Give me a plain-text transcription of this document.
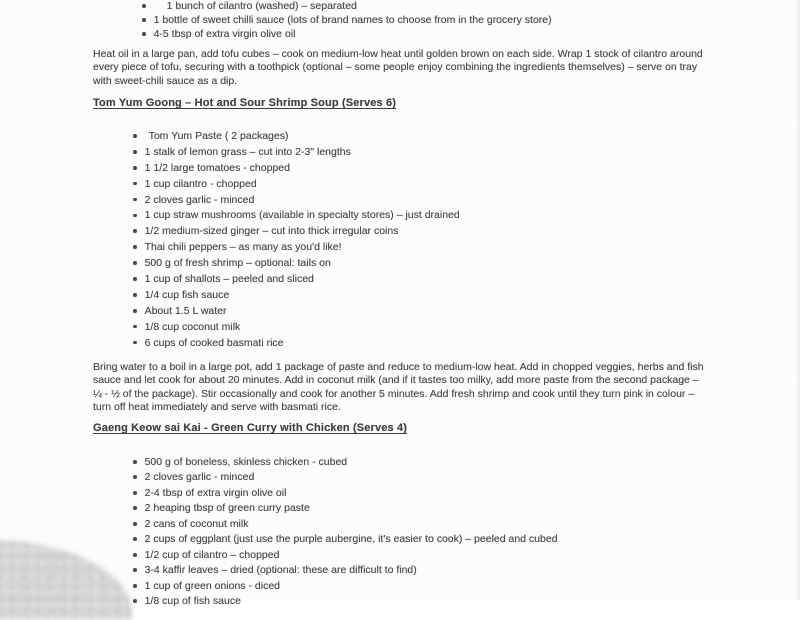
1 bunch of cilantro (washed) – separated
1 bottle of sweet chilli sauce (lots of brand names to choose from in the grocery store)
4-5 tbsp of extra virgin olive oil
Heat oil in a large pan, add tofu cubes – cook on medium-low heat until golden brown on each side. Wrap 1 stock of cilantro around
every piece of tofu, securing with a toothpick (optional – some people enjoy combining the ingredients themselves) – serve on tray
with sweet-chili sauce as a dip.
Tom Yum Goong – Hot and Sour Shrimp Soup (Serves 6)
Tom Yum Paste ( 2 packages)
1 stalk of lemon grass – cut into 2-3" lengths
1 1/2 large tomatoes - chopped
1 cup cilantro - chopped
2 cloves garlic - minced
1 cup straw mushrooms (available in specialty stores) – just drained
1/2 medium-sized ginger – cut into thick irregular coins
Thai chili peppers – as many as you'd like!
500 g of fresh shrimp – optional: tails on
1 cup of shallots – peeled and sliced
1/4 cup fish sauce
About 1.5 L water
1/8 cup coconut milk
6 cups of cooked basmati rice
Bring water to a boil in a large pot, add 1 package of paste and reduce to medium-low heat. Add in chopped veggies, herbs and fish
sauce and let cook for about 20 minutes. Add in coconut milk (and if it tastes too milky, add more paste from the second package –
¼ - ½ of the package). Stir occasionally and cook for another 5 minutes. Add fresh shrimp and cook until they turn pink in colour –
turn off heat immediately and serve with basmati rice.
Gaeng Keow sai Kai - Green Curry with Chicken (Serves 4)
500 g of boneless, skinless chicken - cubed
2 cloves garlic - minced
2-4 tbsp of extra virgin olive oil
2 heaping tbsp of green curry paste
2 cans of coconut milk
2 cups of eggplant (just use the purple aubergine, it's easier to cook) – peeled and cubed
1/2 cup of cilantro – chopped
3-4 kaffir leaves – dried (optional: these are difficult to find)
1 cup of green onions - diced
1/8 cup of fish sauce
